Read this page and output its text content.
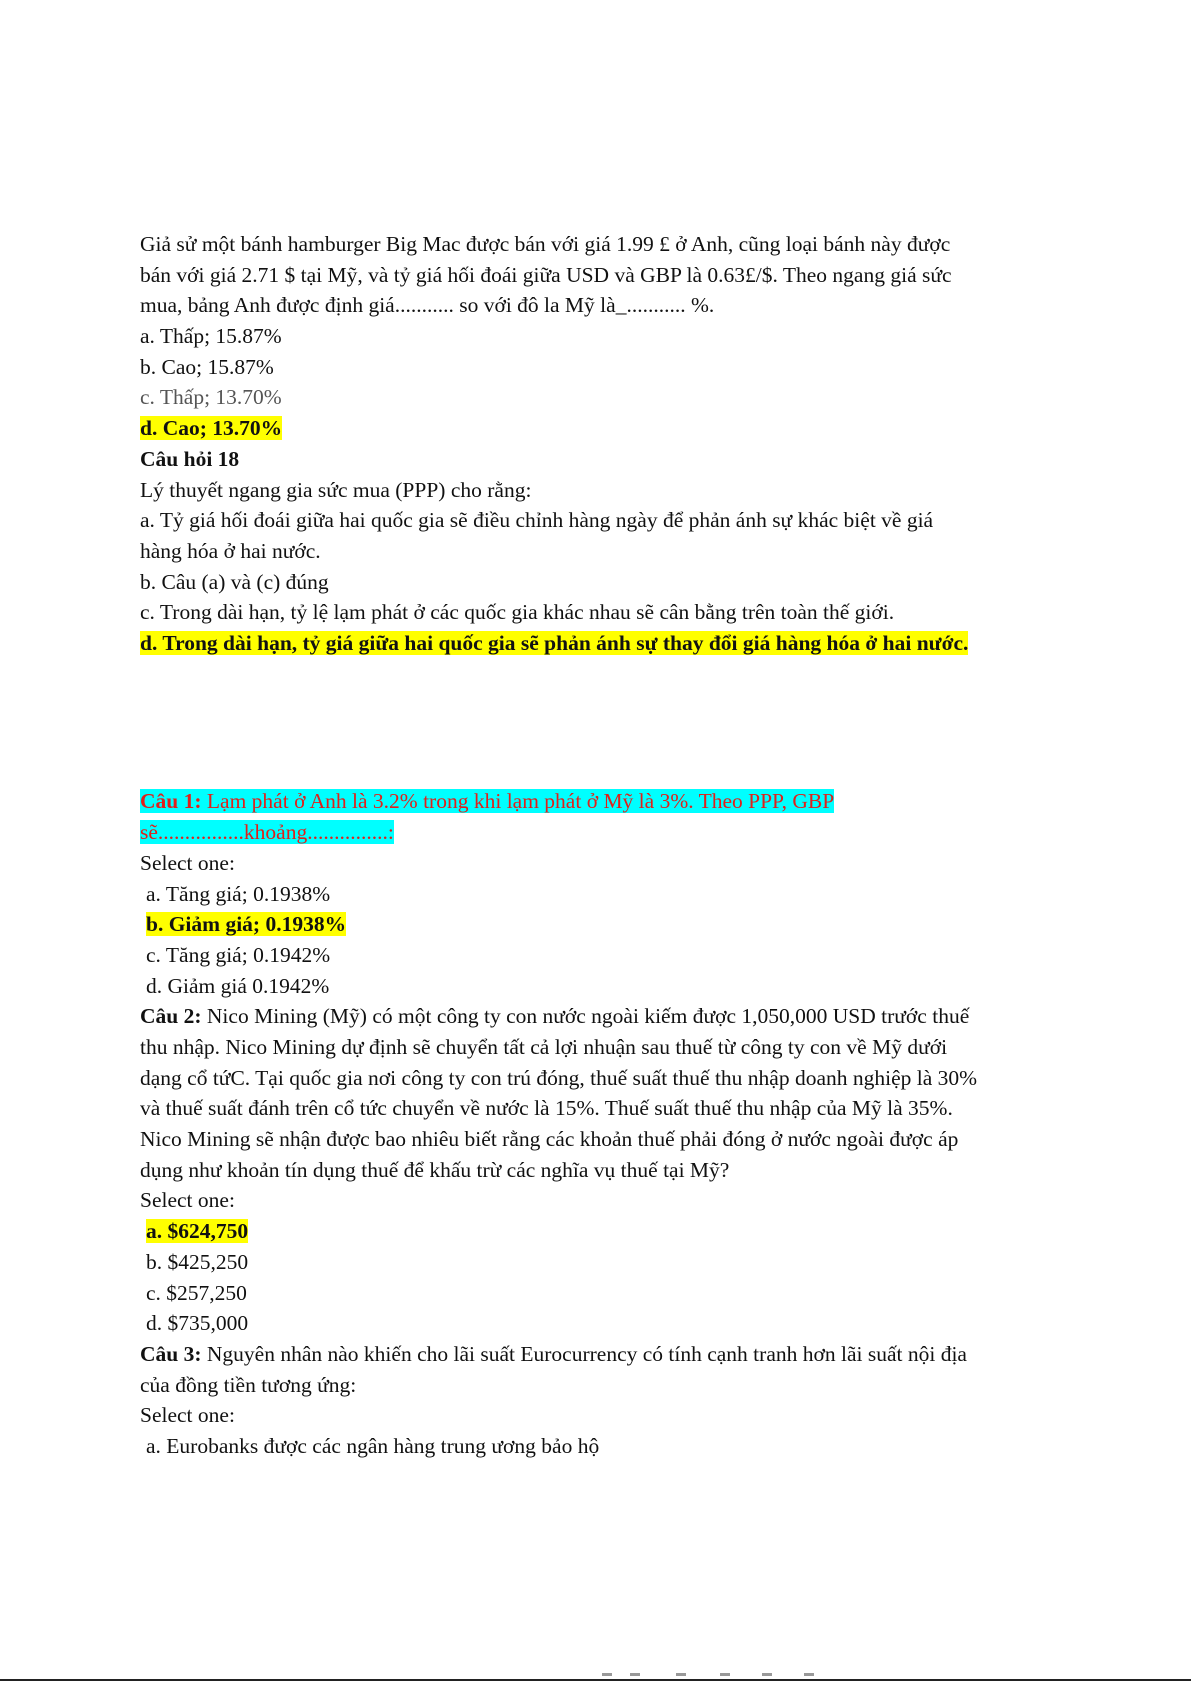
Giả sử một bánh hamburger Big Mac được bán với giá 1.99 £ ở Anh, cũng loại bánh này được
bán với giá 2.71 $ tại Mỹ, và tỷ giá hối đoái giữa USD và GBP là 0.63£/$. Theo ngang giá sức
mua, bảng Anh được định giá........... so với đô la Mỹ là_........... %.
a. Thấp; 15.87%
b. Cao; 15.87%
c. Thấp; 13.70%
d. Cao; 13.70%
Câu hỏi 18
Lý thuyết ngang gia sức mua (PPP) cho rằng:
a. Tỷ giá hối đoái giữa hai quốc gia sẽ điều chỉnh hàng ngày để phản ánh sự khác biệt về giá
hàng hóa ở hai nước.
b. Câu (a) và (c) đúng
c. Trong dài hạn, tỷ lệ lạm phát ở các quốc gia khác nhau sẽ cân bằng trên toàn thế giới.
d. Trong dài hạn, tỷ giá giữa hai quốc gia sẽ phản ánh sự thay đổi giá hàng hóa ở hai nước.
Câu 1: Lạm phát ở Anh là 3.2% trong khi lạm phát ở Mỹ là 3%. Theo PPP, GBP
sẽ................khoảng...............:
Select one:
a. Tăng giá; 0.1938%
b. Giảm giá; 0.1938%
c. Tăng giá; 0.1942%
d. Giảm giá 0.1942%
Câu 2: Nico Mining (Mỹ) có một công ty con nước ngoài kiếm được 1,050,000 USD trước thuế
thu nhập. Nico Mining dự định sẽ chuyển tất cả lợi nhuận sau thuế từ công ty con về Mỹ dưới
dạng cổ tứC. Tại quốc gia nơi công ty con trú đóng, thuế suất thuế thu nhập doanh nghiệp là 30%
và thuế suất đánh trên cổ tức chuyển về nước là 15%. Thuế suất thuế thu nhập của Mỹ là 35%.
Nico Mining sẽ nhận được bao nhiêu biết rằng các khoản thuế phải đóng ở nước ngoài được áp
dụng như khoản tín dụng thuế để khấu trừ các nghĩa vụ thuế tại Mỹ?
Select one:
a. $624,750
b. $425,250
c. $257,250
d. $735,000
Câu 3: Nguyên nhân nào khiến cho lãi suất Eurocurrency có tính cạnh tranh hơn lãi suất nội địa
của đồng tiền tương ứng:
Select one:
a. Eurobanks được các ngân hàng trung ương bảo hộ
